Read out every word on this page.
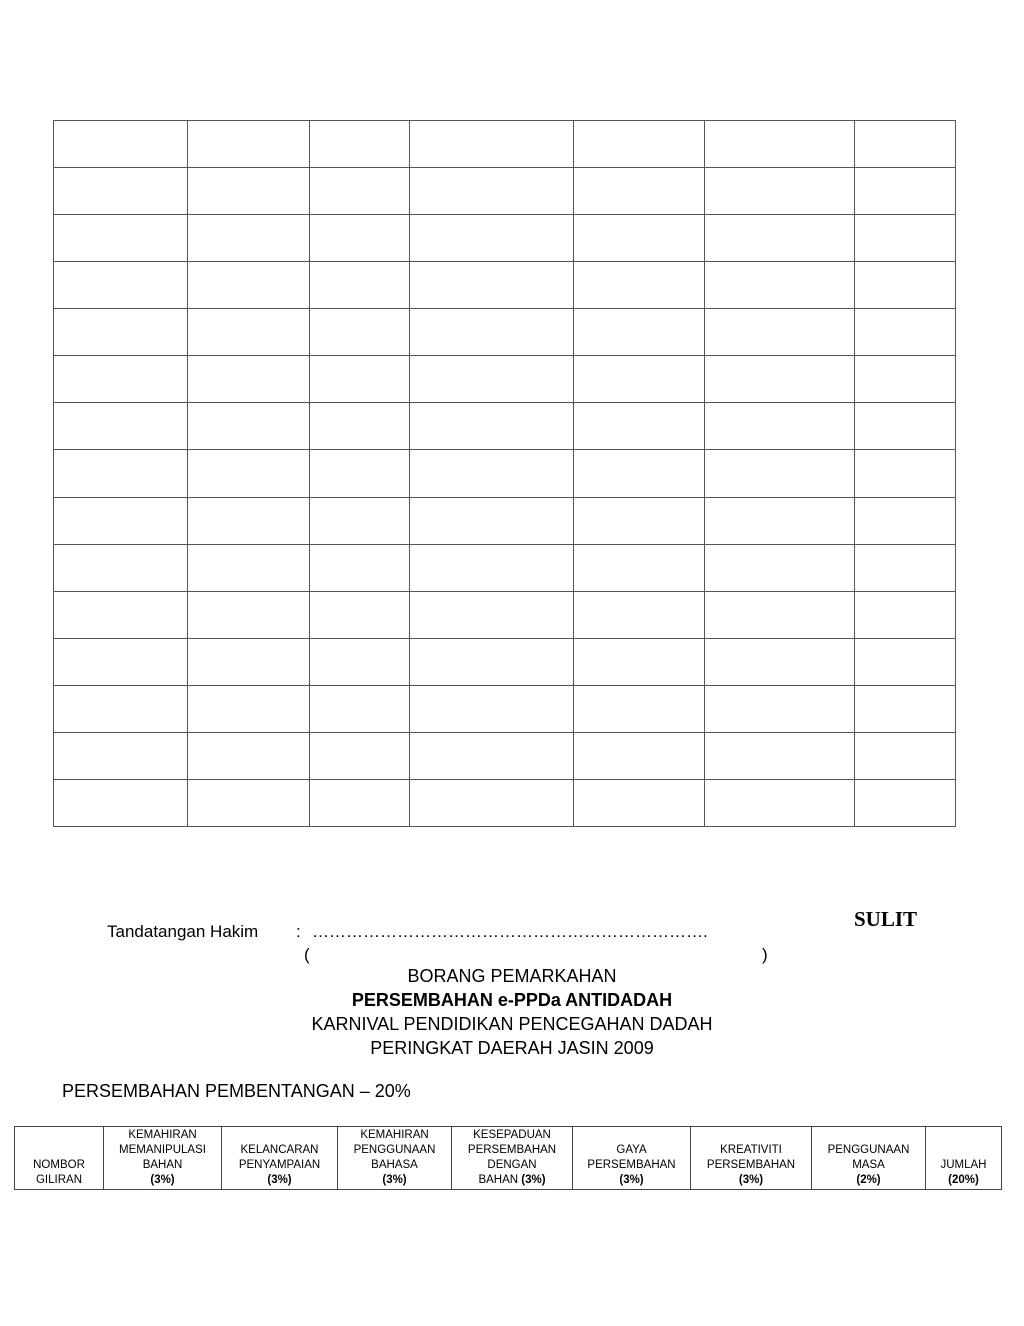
SULIT
Tandatangan Hakim : …………………………………………………………….
(	)
BORANG PEMARKAHAN
PERSEMBAHAN e-PPDa ANTIDADAH
KARNIVAL PENDIDIKAN PENCEGAHAN DADAH
PERINGKAT DAERAH JASIN 2009
PERSEMBAHAN PEMBENTANGAN – 20%
NOMBOR
GILIRAN

KEMAHIRAN
MEMANIPULASI
BAHAN
(3%)

KELANCARAN
PENYAMPAIAN
(3%)

KEMAHIRAN
PENGGUNAAN
BAHASA
(3%)

KESEPADUAN
PERSEMBAHAN
DENGAN
BAHAN (3%)

GAYA
PERSEMBAHAN
(3%)

KREATIVITI
PERSEMBAHAN
(3%)

PENGGUNAAN
MASA
(2%)

JUMLAH
(20%)
